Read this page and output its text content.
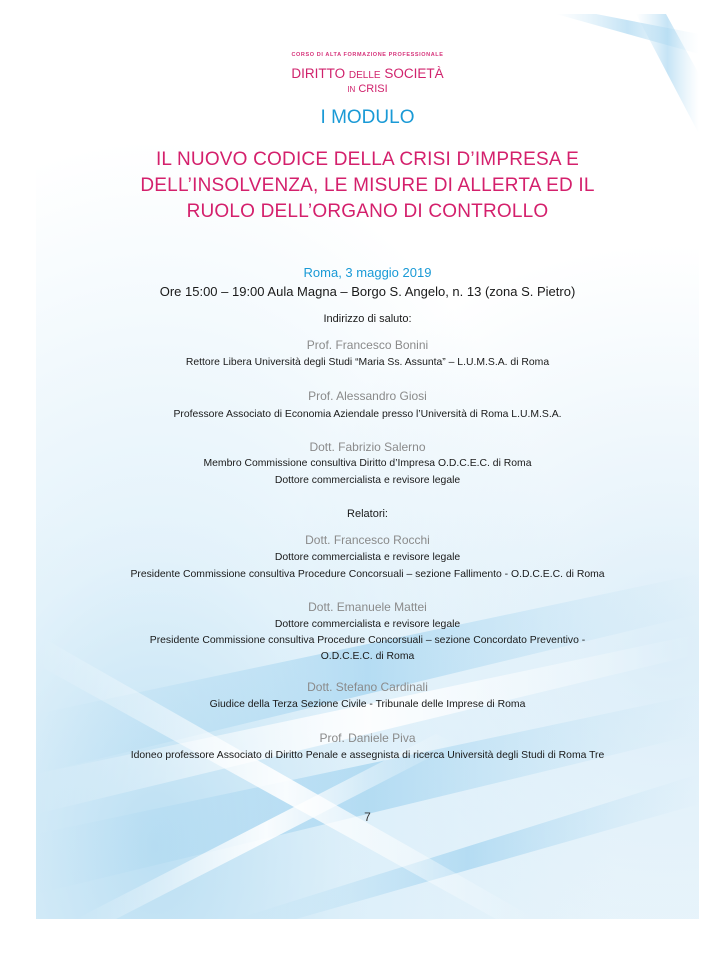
CORSO DI ALTA FORMAZIONE PROFESSIONALE
DIRITTO DELLE SOCIETÀ
IN CRISI
I MODULO
IL NUOVO CODICE DELLA CRISI D’IMPRESA E
DELL’INSOLVENZA, LE MISURE DI ALLERTA ED IL
RUOLO DELL’ORGANO DI CONTROLLO
Roma, 3 maggio 2019
Ore 15:00 – 19:00 Aula Magna – Borgo S. Angelo, n. 13 (zona S. Pietro)
Indirizzo di saluto:
Prof. Francesco Bonini
Rettore Libera Università degli Studi “Maria Ss. Assunta” – L.U.M.S.A. di Roma
Prof. Alessandro Giosi
Professore Associato di Economia Aziendale presso l’Università di Roma L.U.M.S.A.
Dott. Fabrizio Salerno
Membro Commissione consultiva Diritto d’Impresa O.D.C.E.C. di Roma
Dottore commercialista e revisore legale
Relatori:
Dott. Francesco Rocchi
Dottore commercialista e revisore legale
Presidente Commissione consultiva Procedure Concorsuali – sezione Fallimento - O.D.C.E.C. di Roma
Dott. Emanuele Mattei
Dottore commercialista e revisore legale
Presidente Commissione consultiva Procedure Concorsuali – sezione Concordato Preventivo -
O.D.C.E.C. di Roma
Dott. Stefano Cardinali
Giudice della Terza Sezione Civile - Tribunale delle Imprese di Roma
Prof. Daniele Piva
Idoneo professore Associato di Diritto Penale e assegnista di ricerca Università degli Studi di Roma Tre
7
